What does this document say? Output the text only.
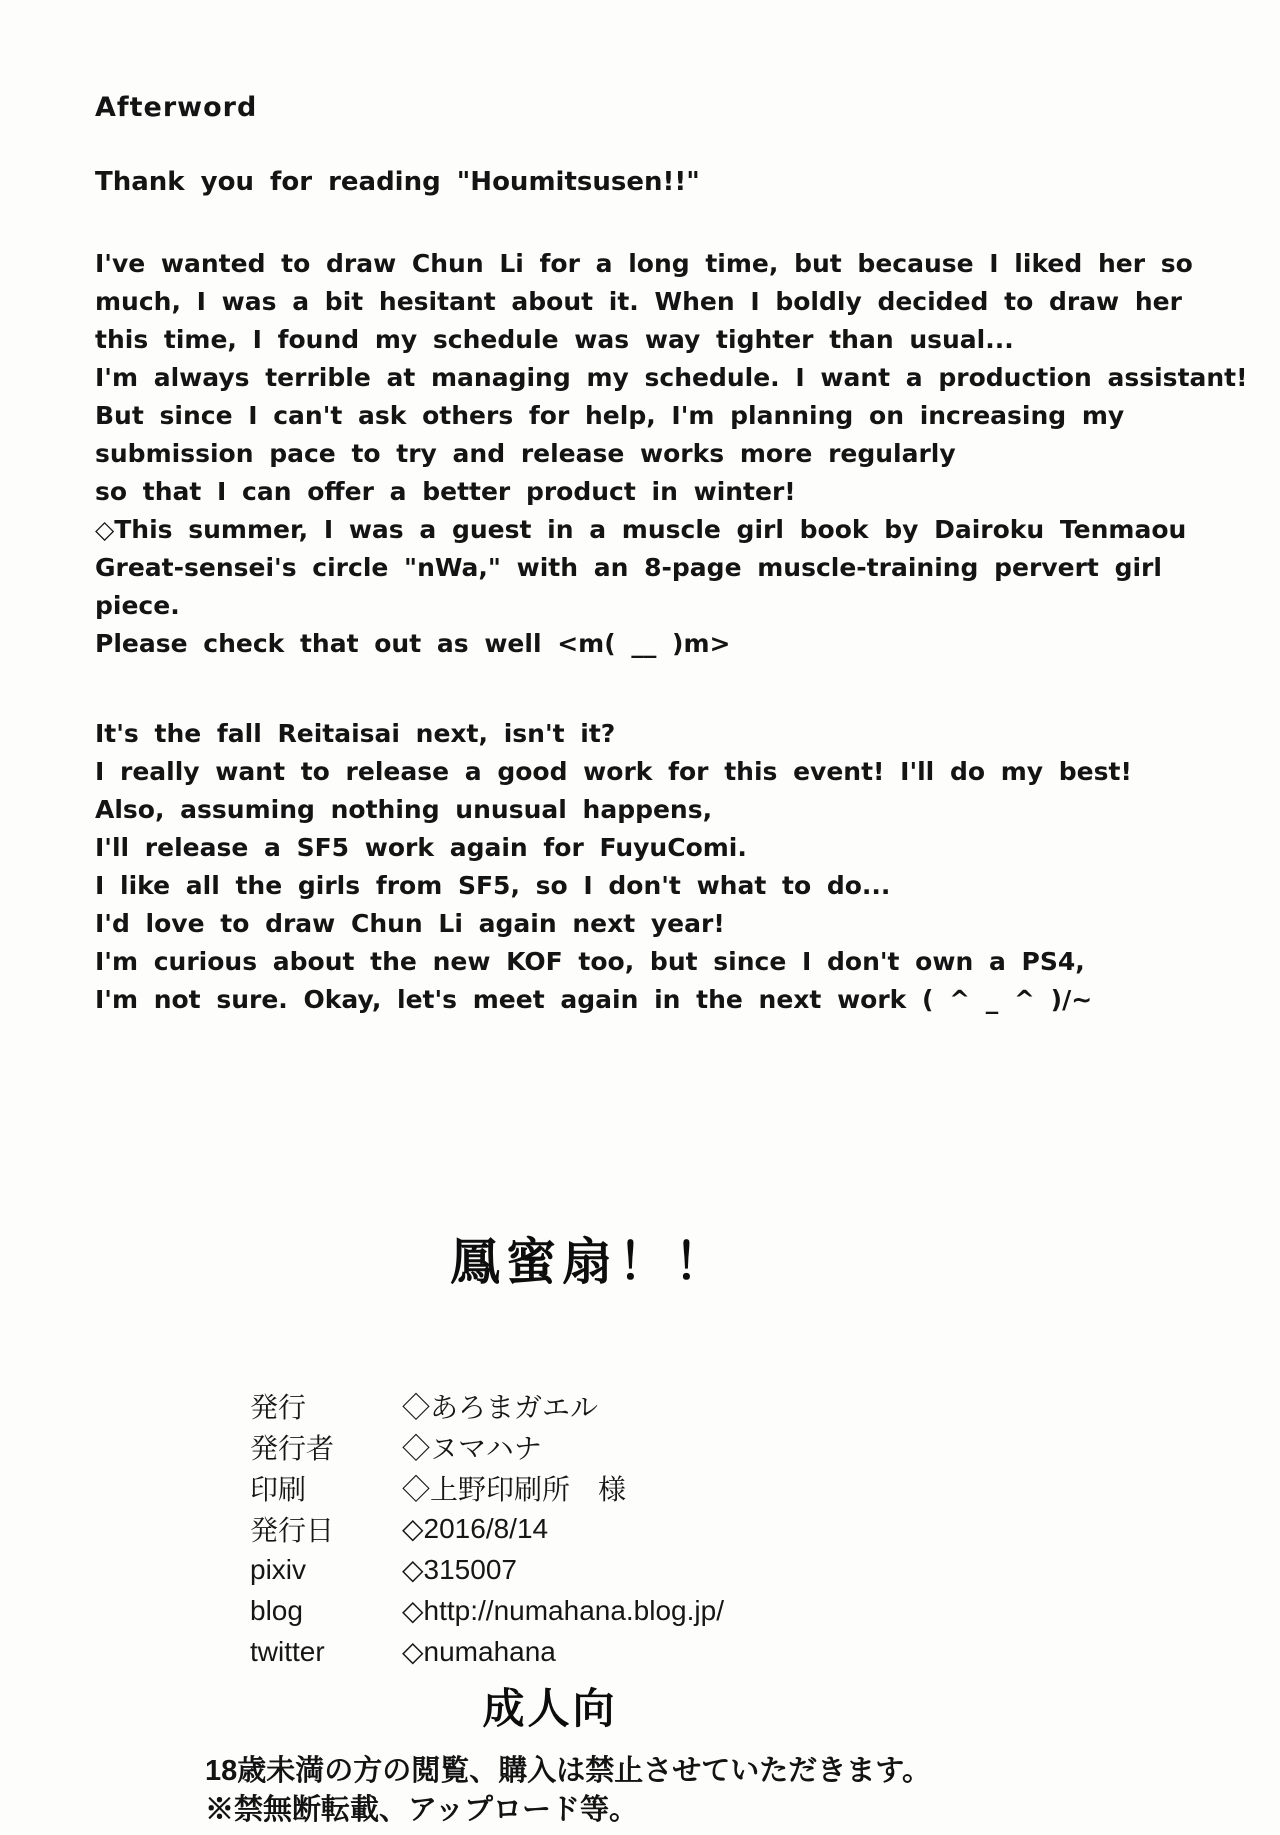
Afterword
Thank you for reading "Houmitsusen!!"
I've wanted to draw Chun Li for a long time, but because I liked her so
much, I was a bit hesitant about it. When I boldly decided to draw her
this time, I found my schedule was way tighter than usual...
I'm always terrible at managing my schedule. I want a production assistant!
But since I can't ask others for help, I'm planning on increasing my
submission pace to try and release works more regularly
so that I can offer a better product in winter!
◇This summer, I was a guest in a muscle girl book by Dairoku Tenmaou
Great-sensei's circle "nWa," with an 8-page muscle-training pervert girl
piece.
Please check that out as well <m( __ )m>
It's the fall Reitaisai next, isn't it?
I really want to release a good work for this event! I'll do my best!
Also, assuming nothing unusual happens,
I'll release a SF5 work again for FuyuComi.
I like all the girls from SF5, so I don't what to do...
I'd love to draw Chun Li again next year!
I'm curious about the new KOF too, but since I don't own a PS4,
I'm not sure. Okay, let's meet again in the next work ( ^ _ ^ )/~
鳳蜜扇！！
発行	◇あろまガエル
発行者	◇ヌマハナ
印刷	◇上野印刷所　様
発行日	◇2016/8/14
pixiv	◇315007
blog	◇http://numahana.blog.jp/
twitter	◇numahana
成人向
18歳未満の方の閲覧、購入は禁止させていただきます。
※禁無断転載、アップロード等。
